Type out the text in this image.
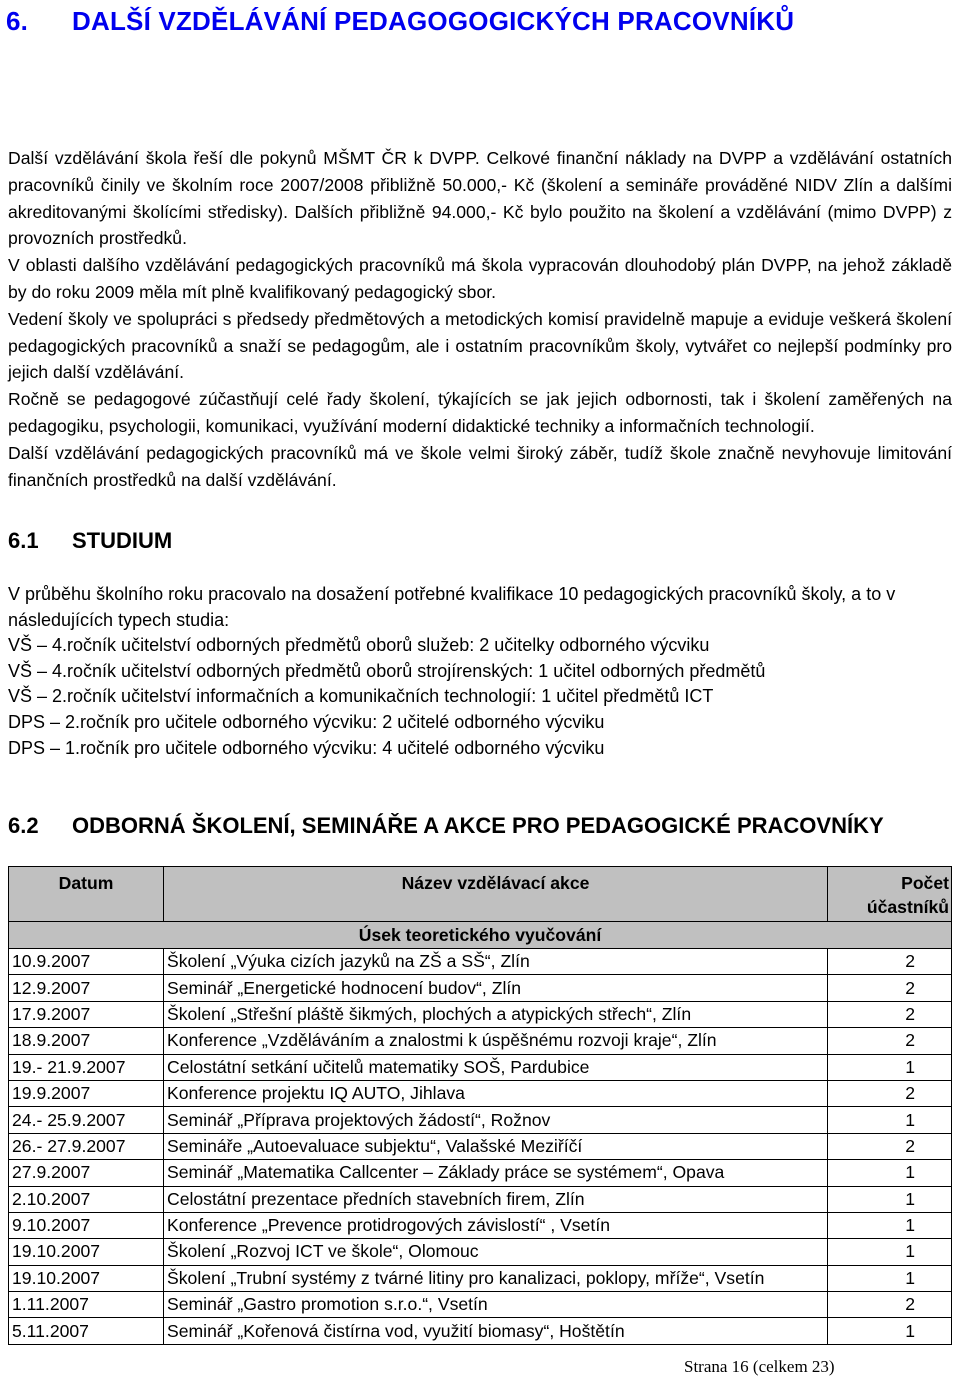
6. DALŠÍ VZDĚLÁVÁNÍ PEDAGOGOGICKÝCH PRACOVNÍKŮ

Další vzdělávání škola řeší dle pokynů MŠMT ČR k DVPP. Celkové finanční náklady na DVPP a vzdělávání ostatních pracovníků činily ve školním roce 2007/2008 přibližně 50.000,- Kč (školení a semináře prováděné NIDV Zlín a dalšími akreditovanými školícími středisky). Dalších přibližně 94.000,- Kč bylo použito na školení a vzdělávání (mimo DVPP) z provozních prostředků.

V oblasti dalšího vzdělávání pedagogických pracovníků má škola vypracován dlouhodobý plán DVPP, na jehož základě by do roku 2009 měla mít plně kvalifikovaný pedagogický sbor.

Vedení školy ve spolupráci s předsedy předmětových a metodických komisí pravidelně mapuje a eviduje veškerá školení pedagogických pracovníků a snaží se pedagogům, ale i ostatním pracovníkům školy, vytvářet co nejlepší podmínky pro jejich další vzdělávání.

Ročně se pedagogové zúčastňují celé řady školení, týkajících se jak jejich odbornosti, tak i školení zaměřených na pedagogiku, psychologii, komunikaci, využívání moderní didaktické techniky a informačních technologií.

Další vzdělávání pedagogických pracovníků má ve škole velmi široký záběr, tudíž škole značně nevyhovuje limitování finančních prostředků na další vzdělávání.

6.1 STUDIUM

V průběhu školního roku pracovalo na dosažení potřebné kvalifikace 10 pedagogických pracovníků školy, a to v následujících typech studia:

VŠ – 4.ročník učitelství odborných předmětů oborů služeb: 2 učitelky odborného výcviku

VŠ – 4.ročník učitelství odborných předmětů oborů strojírenských: 1 učitel odborných předmětů

VŠ – 2.ročník učitelství informačních a komunikačních technologií: 1 učitel předmětů ICT

DPS – 2.ročník pro učitele odborného výcviku: 2 učitelé odborného výcviku

DPS – 1.ročník pro učitele odborného výcviku: 4 učitelé odborného výcviku

6.2 ODBORNÁ ŠKOLENÍ, SEMINÁŘE A AKCE PRO PEDAGOGICKÉ PRACOVNÍKY
Datum	Název vzdělávací akce	Počet účastníků
Úsek teoretického vyučování		
10.9.2007	Školení „Výuka cizích jazyků na ZŠ a SŠ“, Zlín	2
12.9.2007	Seminář „Energetické hodnocení budov“, Zlín	2
17.9.2007	Školení „Střešní pláště šikmých, plochých a atypických střech“, Zlín	2
18.9.2007	Konference „Vzděláváním a znalostmi k úspěšnému rozvoji kraje“, Zlín	2
19.- 21.9.2007	Celostátní setkání učitelů matematiky SOŠ, Pardubice	1
19.9.2007	Konference projektu IQ AUTO, Jihlava	2
24.- 25.9.2007	Seminář „Příprava projektových žádostí“, Rožnov	1
26.- 27.9.2007	Semináře „Autoevaluace subjektu“, Valašské Meziříčí	2
27.9.2007	Seminář „Matematika Callcenter – Základy práce se systémem“, Opava	1
2.10.2007	Celostátní prezentace předních stavebních firem, Zlín	1
9.10.2007	Konference „Prevence protidrogových závislostí“ , Vsetín	1
19.10.2007	Školení „Rozvoj ICT ve škole“, Olomouc	1
19.10.2007	Školení „Trubní systémy z tvárné litiny pro kanalizaci, poklopy, mříže“, Vsetín	1
1.11.2007	Seminář „Gastro promotion s.r.o.“, Vsetín	2
5.11.2007	Seminář „Kořenová čistírna vod, využití biomasy“, Hoštětín	1
Strana 16 (celkem 23)
